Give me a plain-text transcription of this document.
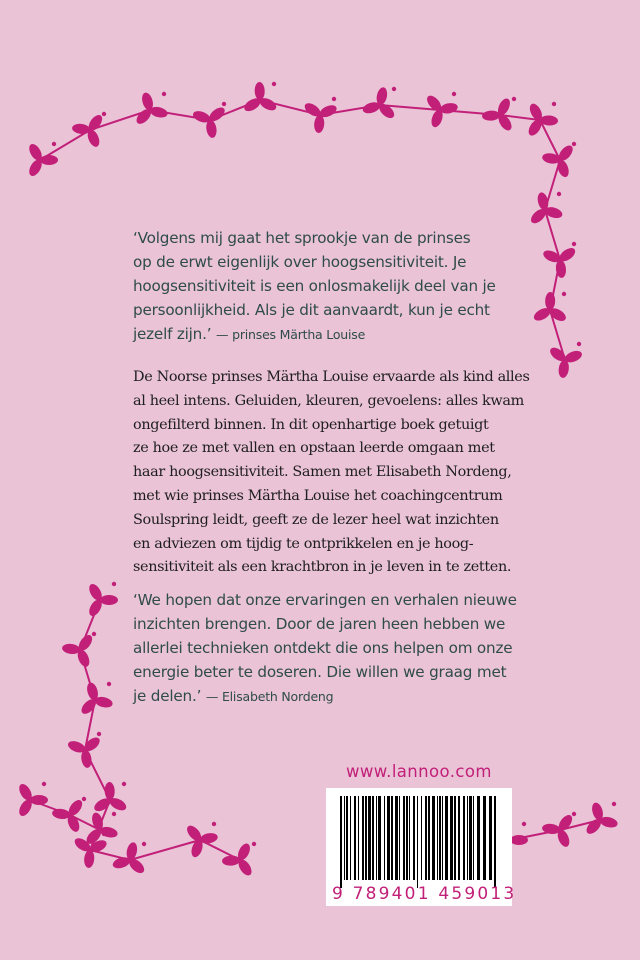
‘Volgens mij gaat het sprookje van de prinses
op de erwt eigenlijk over hoogsensitiviteit. Je
hoogsensitiviteit is een onlosmakelijk deel van je
persoonlijkheid. Als je dit aanvaardt, kun je echt
jezelf zijn.’ — prinses Märtha Louise
De Noorse prinses Märtha Louise ervaarde als kind alles
al heel intens. Geluiden, kleuren, gevoelens: alles kwam
ongefilterd binnen. In dit openhartige boek getuigt
ze hoe ze met vallen en opstaan leerde omgaan met
haar hoogsensitiviteit. Samen met Elisabeth Nordeng,
met wie prinses Märtha Louise het coachingcentrum
Soulspring leidt, geeft ze de lezer heel wat inzichten
en adviezen om tijdig te ontprikkelen en je hoog-
sensitiviteit als een krachtbron in je leven in te zetten.
‘We hopen dat onze ervaringen en verhalen nieuwe
inzichten brengen. Door de jaren heen hebben we
allerlei technieken ontdekt die ons helpen om onze
energie beter te doseren. Die willen we graag met
je delen.’ — Elisabeth Nordeng
www.lannoo.com
9 789401 459013
